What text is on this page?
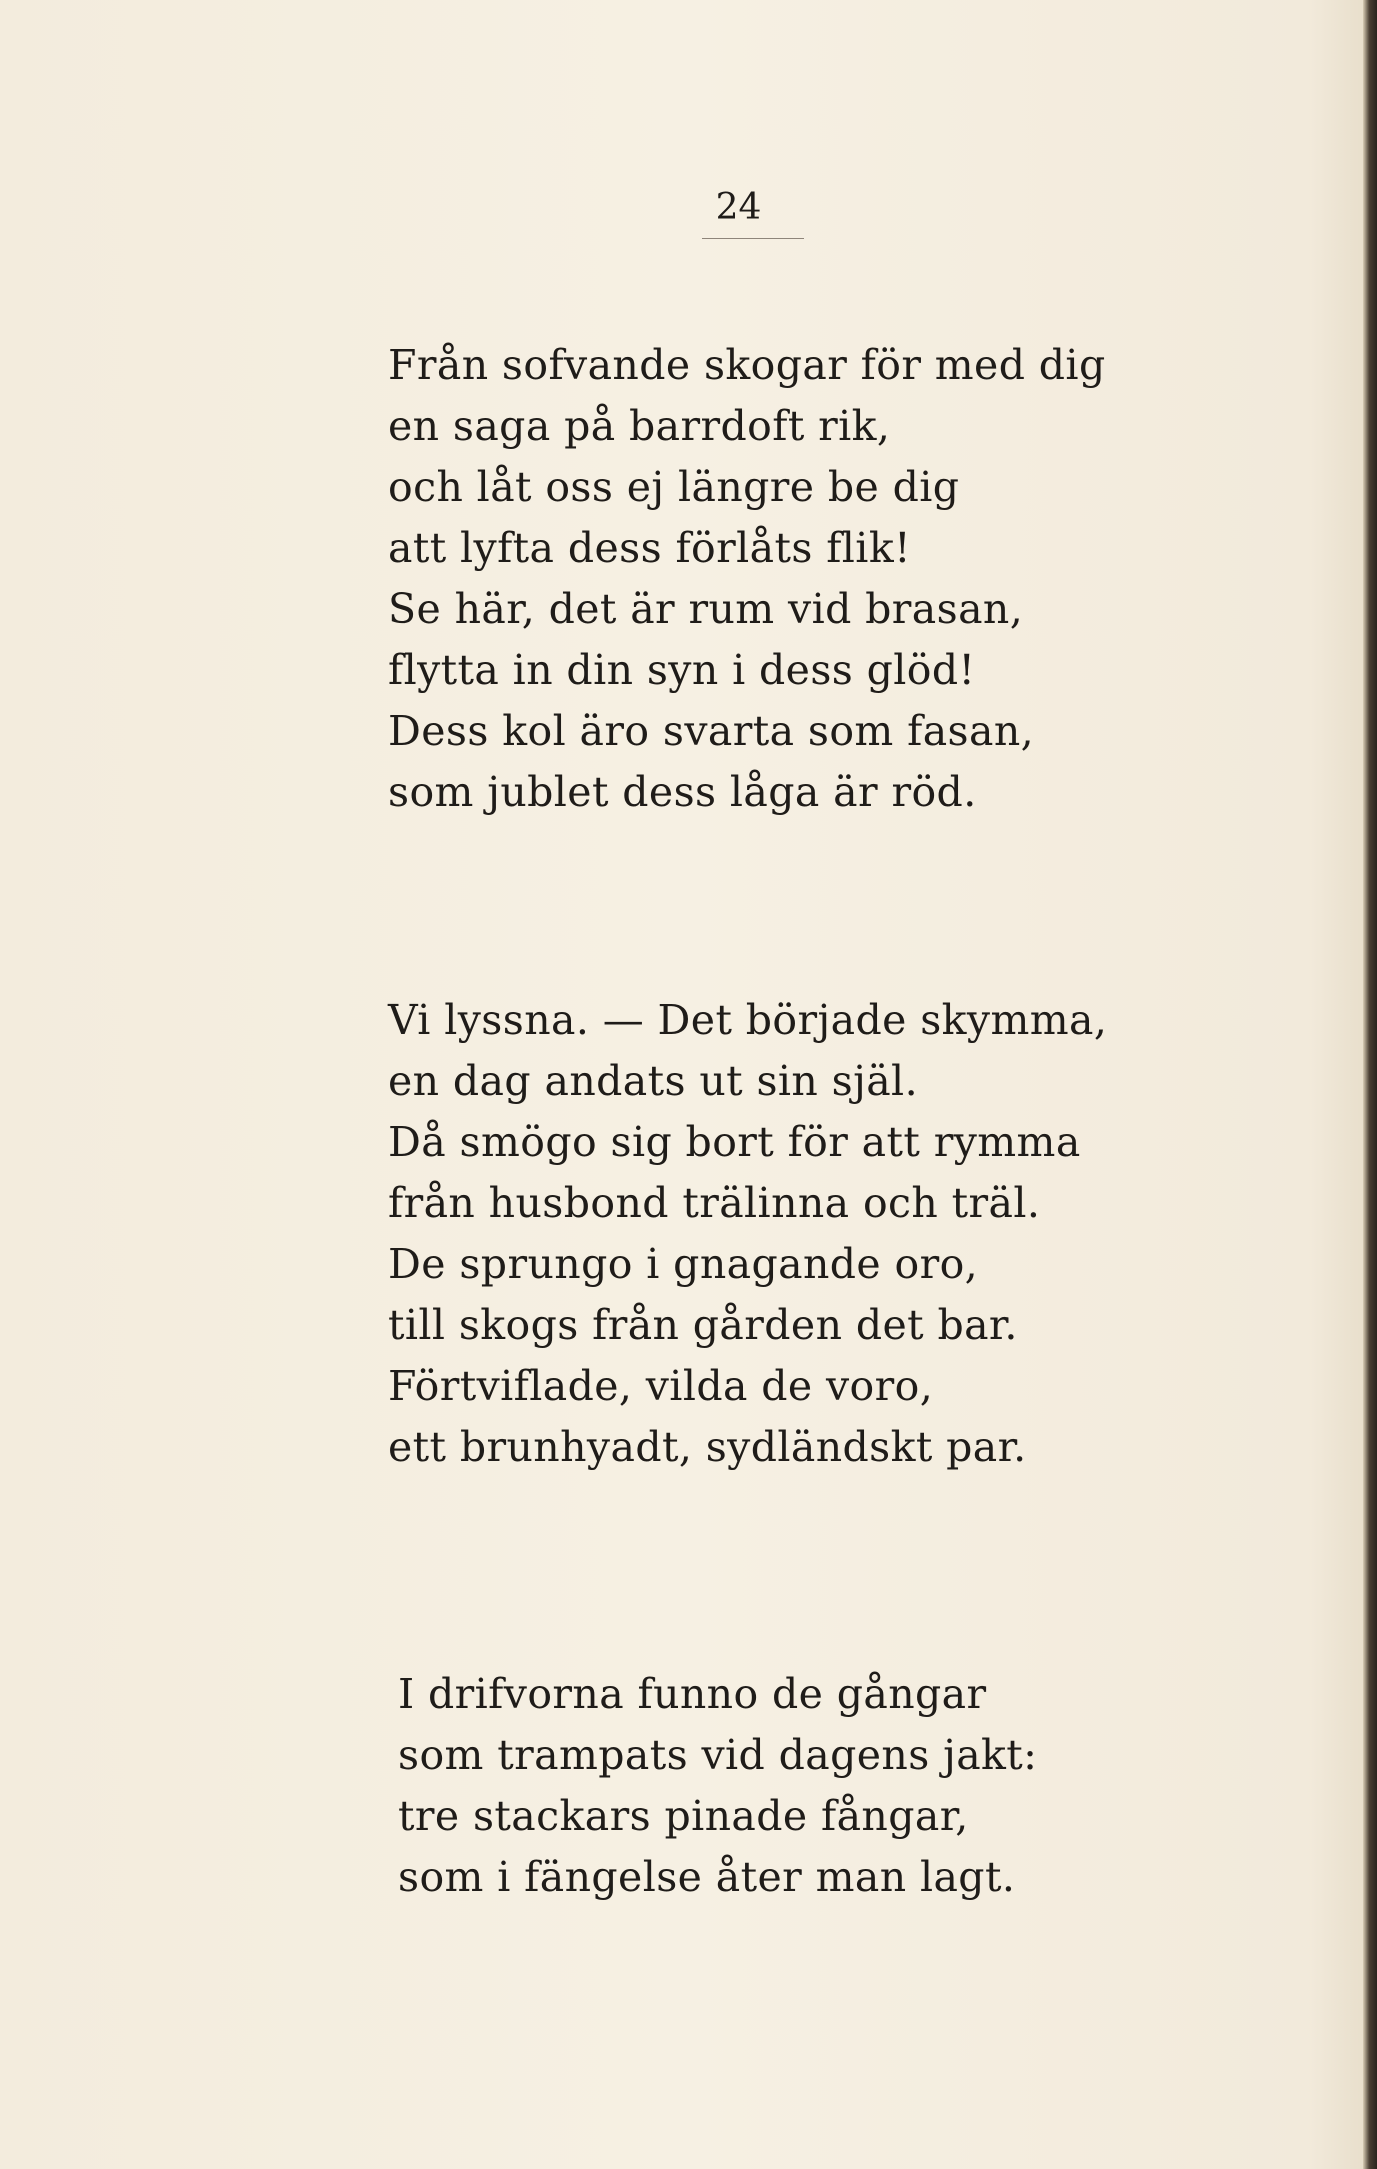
24
Från sofvande skogar för med dig
en saga på barrdoft rik,
och låt oss ej längre be dig
att lyfta dess förlåts flik!
Se här, det är rum vid brasan,
flytta in din syn i dess glöd!
Dess kol äro svarta som fasan,
som jublet dess låga är röd.
Vi lyssna. — Det började skymma,
en dag andats ut sin själ.
Då smögo sig bort för att rymma
från husbond trälinna och träl.
De sprungo i gnagande oro,
till skogs från gården det bar.
Förtviflade, vilda de voro,
ett brunhyadt, sydländskt par.
I drifvorna funno de gångar
som trampats vid dagens jakt:
tre stackars pinade fångar,
som i fängelse åter man lagt.
